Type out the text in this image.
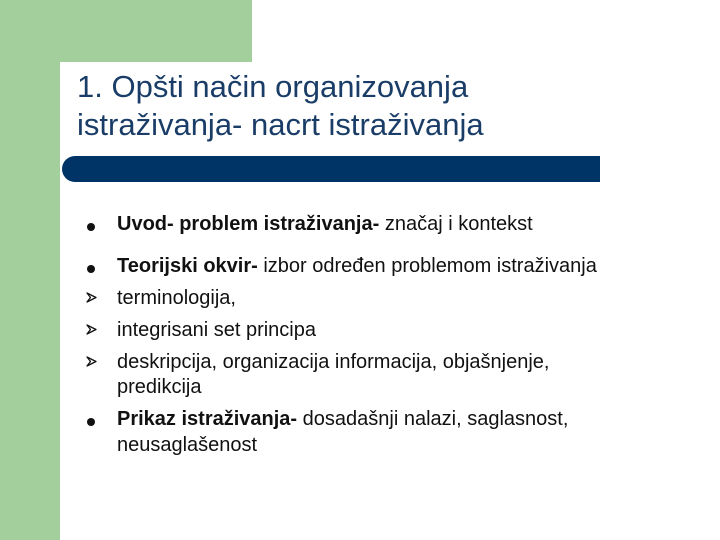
1. Opšti način organizovanja
istraživanja- nacrt istraživanja
Uvod- problem istraživanja- značaj i kontekst
Teorijski okvir- izbor određen problemom istraživanja
terminologija,
integrisani set principa
deskripcija, organizacija informacija, objašnjenje,
predikcija
Prikaz istraživanja- dosadašnji nalazi, saglasnost,
neusaglašenost
